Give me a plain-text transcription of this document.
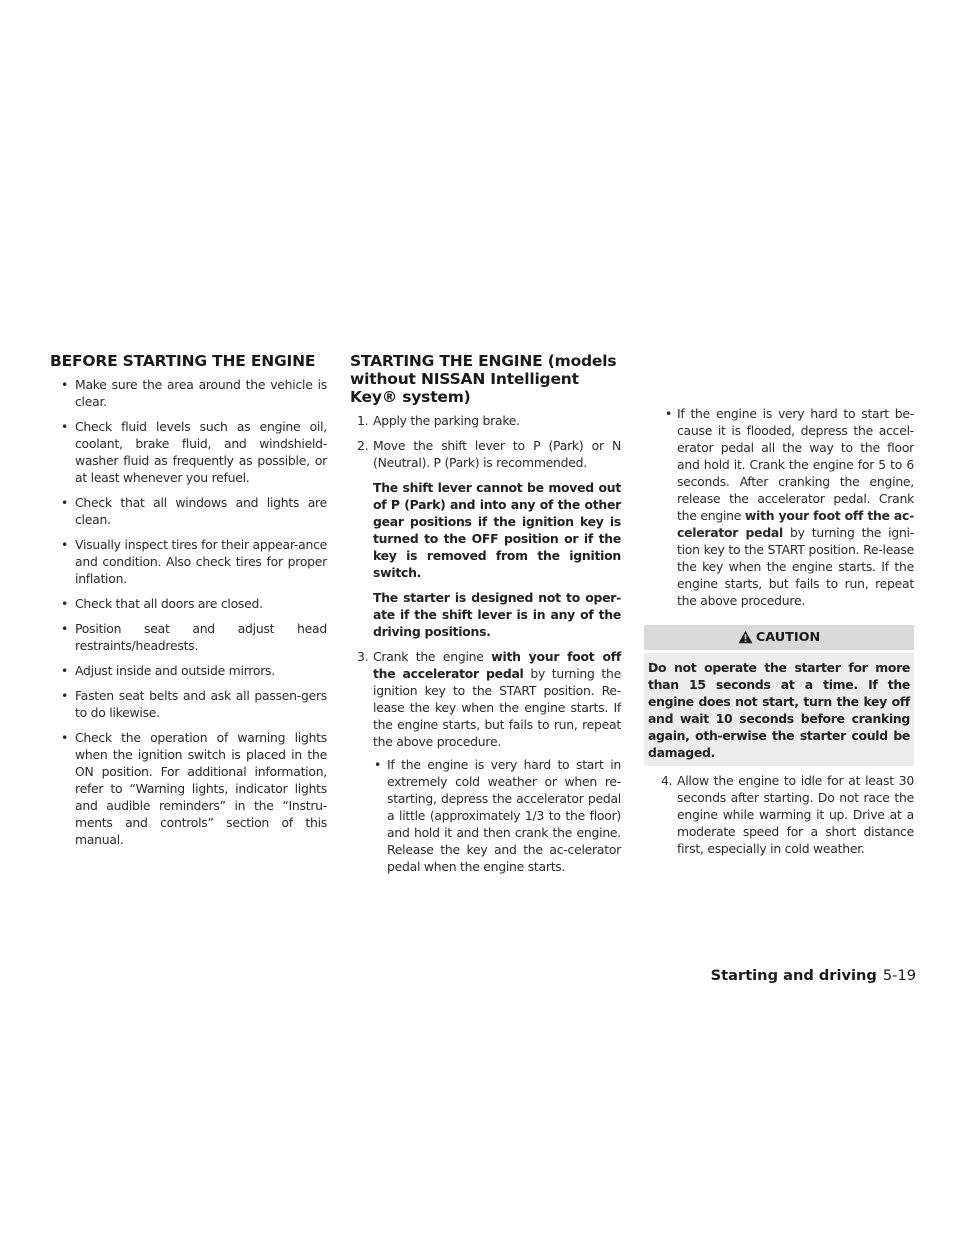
BEFORE STARTING THE ENGINE
• Make sure the area around the vehicle is clear.
• Check fluid levels such as engine oil, coolant, brake fluid, and windshield-washer fluid as frequently as possible, or at least whenever you refuel.
• Check that all windows and lights are clean.
• Visually inspect tires for their appear-ance and condition. Also check tires for proper inflation.
• Check that all doors are closed.
• Position seat and adjust head restraints/headrests.
• Adjust inside and outside mirrors.
• Fasten seat belts and ask all passen-gers to do likewise.
• Check the operation of warning lights when the ignition switch is placed in the ON position. For additional information, refer to “Warning lights, indicator lights and audible reminders” in the “Instru-ments and controls” section of this manual.
STARTING THE ENGINE (models without NISSAN Intelligent Key® system)
1. Apply the parking brake.
2. Move the shift lever to P (Park) or N (Neutral). P (Park) is recommended.
The shift lever cannot be moved out of P (Park) and into any of the other gear positions if the ignition key is turned to the OFF position or if the key is removed from the ignition switch.
The starter is designed not to oper-ate if the shift lever is in any of the driving positions.
3. Crank the engine with your foot off the accelerator pedal by turning the ignition key to the START position. Re-lease the key when the engine starts. If the engine starts, but fails to run, repeat the above procedure.
• If the engine is very hard to start in extremely cold weather or when re-starting, depress the accelerator pedal a little (approximately 1/3 to the floor) and hold it and then crank the engine. Release the key and the ac-celerator pedal when the engine starts.
• If the engine is very hard to start be-cause it is flooded, depress the accel-erator pedal all the way to the floor and hold it. Crank the engine for 5 to 6 seconds. After cranking the engine, release the accelerator pedal. Crank the engine with your foot off the ac-celerator pedal by turning the igni-tion key to the START position. Re-lease the key when the engine starts. If the engine starts, but fails to run, repeat the above procedure.
CAUTION
Do not operate the starter for more than 15 seconds at a time. If the engine does not start, turn the key off and wait 10 seconds before cranking again, oth-erwise the starter could be damaged.
4. Allow the engine to idle for at least 30 seconds after starting. Do not race the engine while warming it up. Drive at a moderate speed for a short distance first, especially in cold weather.
Starting and driving 5-19
